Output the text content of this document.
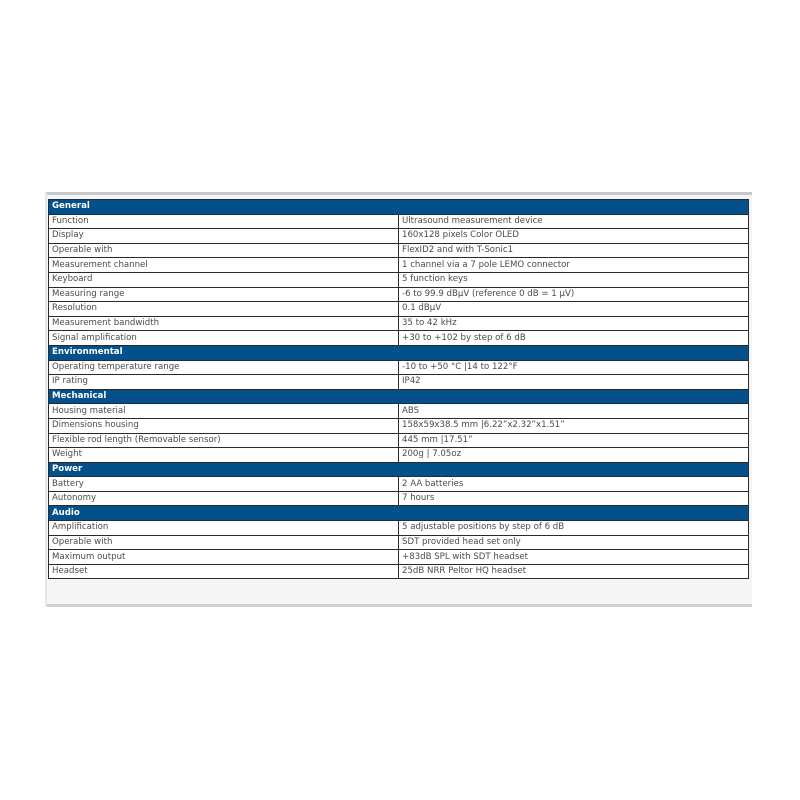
General	
Function	Ultrasound measurement device
Display	160x128 pixels Color OLED
Operable with	FlexID2 and with T-Sonic1
Measurement channel	1 channel via a 7 pole LEMO connector
Keyboard	5 function keys
Measuring range	-6 to 99.9 dBµV (reference 0 dB = 1 µV)
Resolution	0.1 dBµV
Measurement bandwidth	35 to 42 kHz
Signal amplification	+30 to +102 by step of 6 dB
Environmental	
Operating temperature range	-10 to +50 °C |14 to 122°F
IP rating	IP42
Mechanical	
Housing material	ABS
Dimensions housing	158x59x38.5 mm |6.22”x2.32”x1.51”
Flexible rod length (Removable sensor)	445 mm |17.51”
Weight	200g | 7.05oz
Power	
Battery	2 AA batteries
Autonomy	7 hours
Audio	
Amplification	5 adjustable positions by step of 6 dB
Operable with	SDT provided head set only
Maximum output	+83dB SPL with SDT headset
Headset	25dB NRR Peltor HQ headset
